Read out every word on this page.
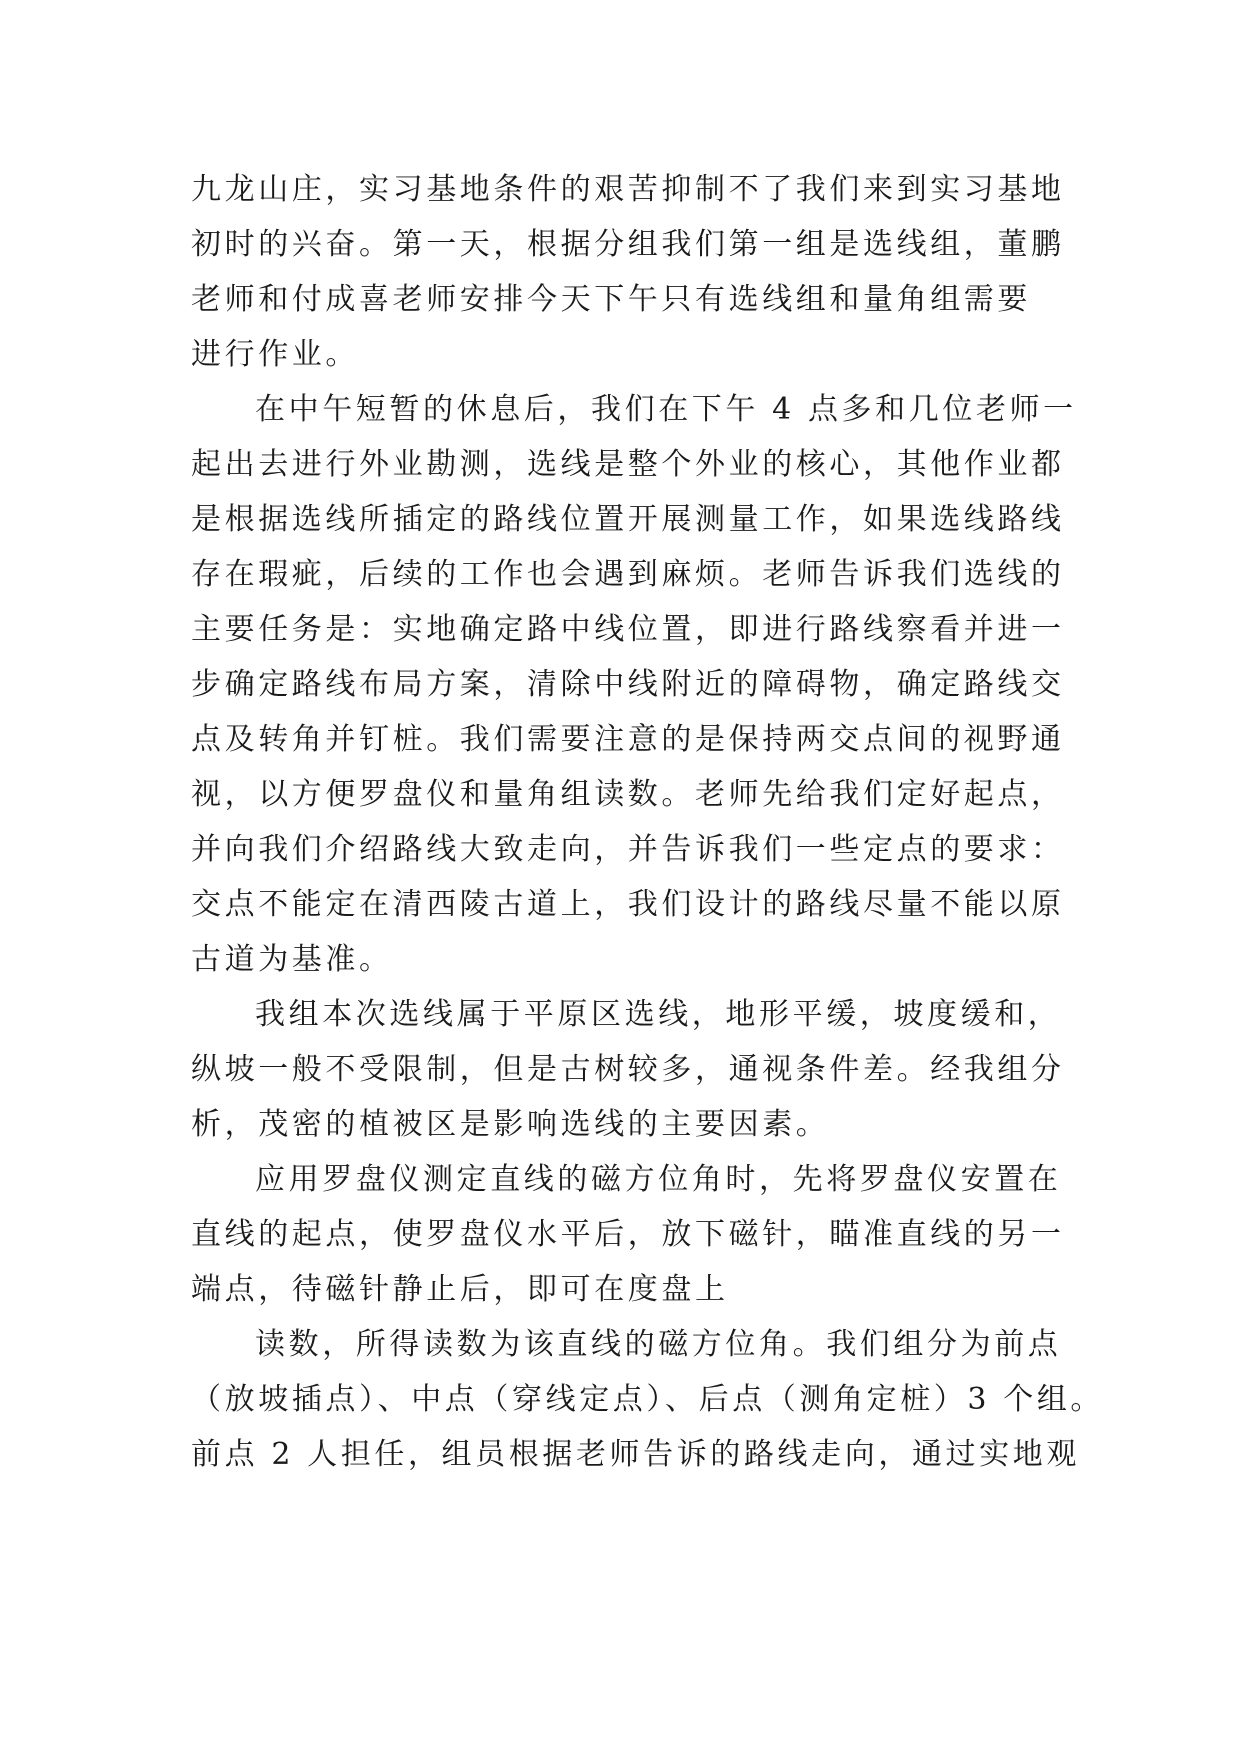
九龙山庄，实习基地条件的艰苦抑制不了我们来到实习基地
初时的兴奋。第一天，根据分组我们第一组是选线组，董鹏
老师和付成喜老师安排今天下午只有选线组和量角组需要
进行作业。
在中午短暂的休息后，我们在下午 4 点多和几位老师一
起出去进行外业勘测，选线是整个外业的核心，其他作业都
是根据选线所插定的路线位置开展测量工作，如果选线路线
存在瑕疵，后续的工作也会遇到麻烦。老师告诉我们选线的
主要任务是：实地确定路中线位置，即进行路线察看并进一
步确定路线布局方案，清除中线附近的障碍物，确定路线交
点及转角并钉桩。我们需要注意的是保持两交点间的视野通
视，以方便罗盘仪和量角组读数。老师先给我们定好起点，
并向我们介绍路线大致走向，并告诉我们一些定点的要求：
交点不能定在清西陵古道上，我们设计的路线尽量不能以原
古道为基准。
我组本次选线属于平原区选线，地形平缓，坡度缓和，
纵坡一般不受限制，但是古树较多，通视条件差。经我组分
析，茂密的植被区是影响选线的主要因素。
应用罗盘仪测定直线的磁方位角时，先将罗盘仪安置在
直线的起点，使罗盘仪水平后，放下磁针，瞄准直线的另一
端点，待磁针静止后，即可在度盘上
读数，所得读数为该直线的磁方位角。我们组分为前点
（放坡插点）、中点（穿线定点）、后点（测角定桩）3 个组。
前点 2 人担任，组员根据老师告诉的路线走向，通过实地观
